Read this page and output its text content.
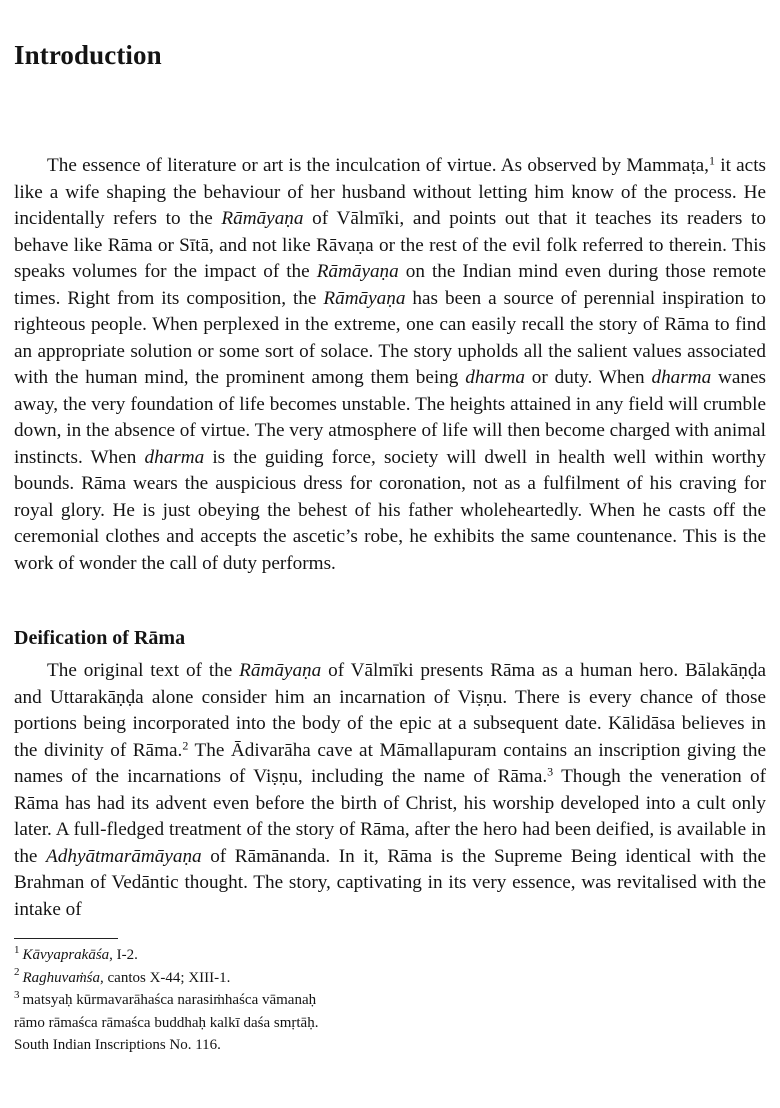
Introduction

The essence of literature or art is the inculcation of virtue. As observed by Mammaṭa,$^1$ it acts like a wife shaping the behaviour of her husband without letting him know of the process. He incidentally refers to the Rāmāyaṇa of Vālmīki, and points out that it teaches its readers to behave like Rāma or Sītā, and not like Rāvaṇa or the rest of the evil folk referred to therein. This speaks volumes for the impact of the Rāmāyaṇa on the Indian mind even during those remote times. Right from its composition, the Rāmāyaṇa has been a source of perennial inspiration to righteous people. When perplexed in the extreme, one can easily recall the story of Rāma to find an appropriate solution or some sort of solace. The story upholds all the salient values associated with the human mind, the prominent among them being dharma or duty. When dharma wanes away, the very foundation of life becomes unstable. The heights attained in any field will crumble down, in the absence of virtue. The very atmosphere of life will then become charged with animal instincts. When dharma is the guiding force, society will dwell in health well within worthy bounds. Rāma wears the auspicious dress for coronation, not as a fulfilment of his craving for royal glory. He is just obeying the behest of his father wholeheartedly. When he casts off the ceremonial clothes and accepts the ascetic’s robe, he exhibits the same countenance. This is the work of wonder the call of duty performs.

Deification of Rāma

The original text of the Rāmāyaṇa of Vālmīki presents Rāma as a human hero. Bālakāṇḍa and Uttarakāṇḍa alone consider him an incarnation of Viṣṇu. There is every chance of those portions being incorporated into the body of the epic at a subsequent date. Kālidāsa believes in the divinity of Rāma.$^2$ The Ādivarāha cave at Māmallapuram contains an inscription giving the names of the incarnations of Viṣṇu, including the name of Rāma.$^3$ Though the veneration of Rāma has had its advent even before the birth of Christ, his worship developed into a cult only later. A full-fledged treatment of the story of Rāma, after the hero had been deified, is available in the Adhyātmarāmāyaṇa of Rāmānanda. In it, Rāma is the Supreme Being identical with the Brahman of Vedāntic thought. The story, captivating in its very essence, was revitalised with the intake of

$^1$ Kāvyaprakāśa, I-2.
$^2$ Raghuvaṁśa, cantos X-44; XIII-1.
$^3$ matsyaḥ kūrmavarāhaśca narasiṁhaśca vāmanaḥ
rāmo rāmaśca rāmaśca buddhaḥ kalkī daśa smṛtāḥ.
South Indian Inscriptions No. 116.
